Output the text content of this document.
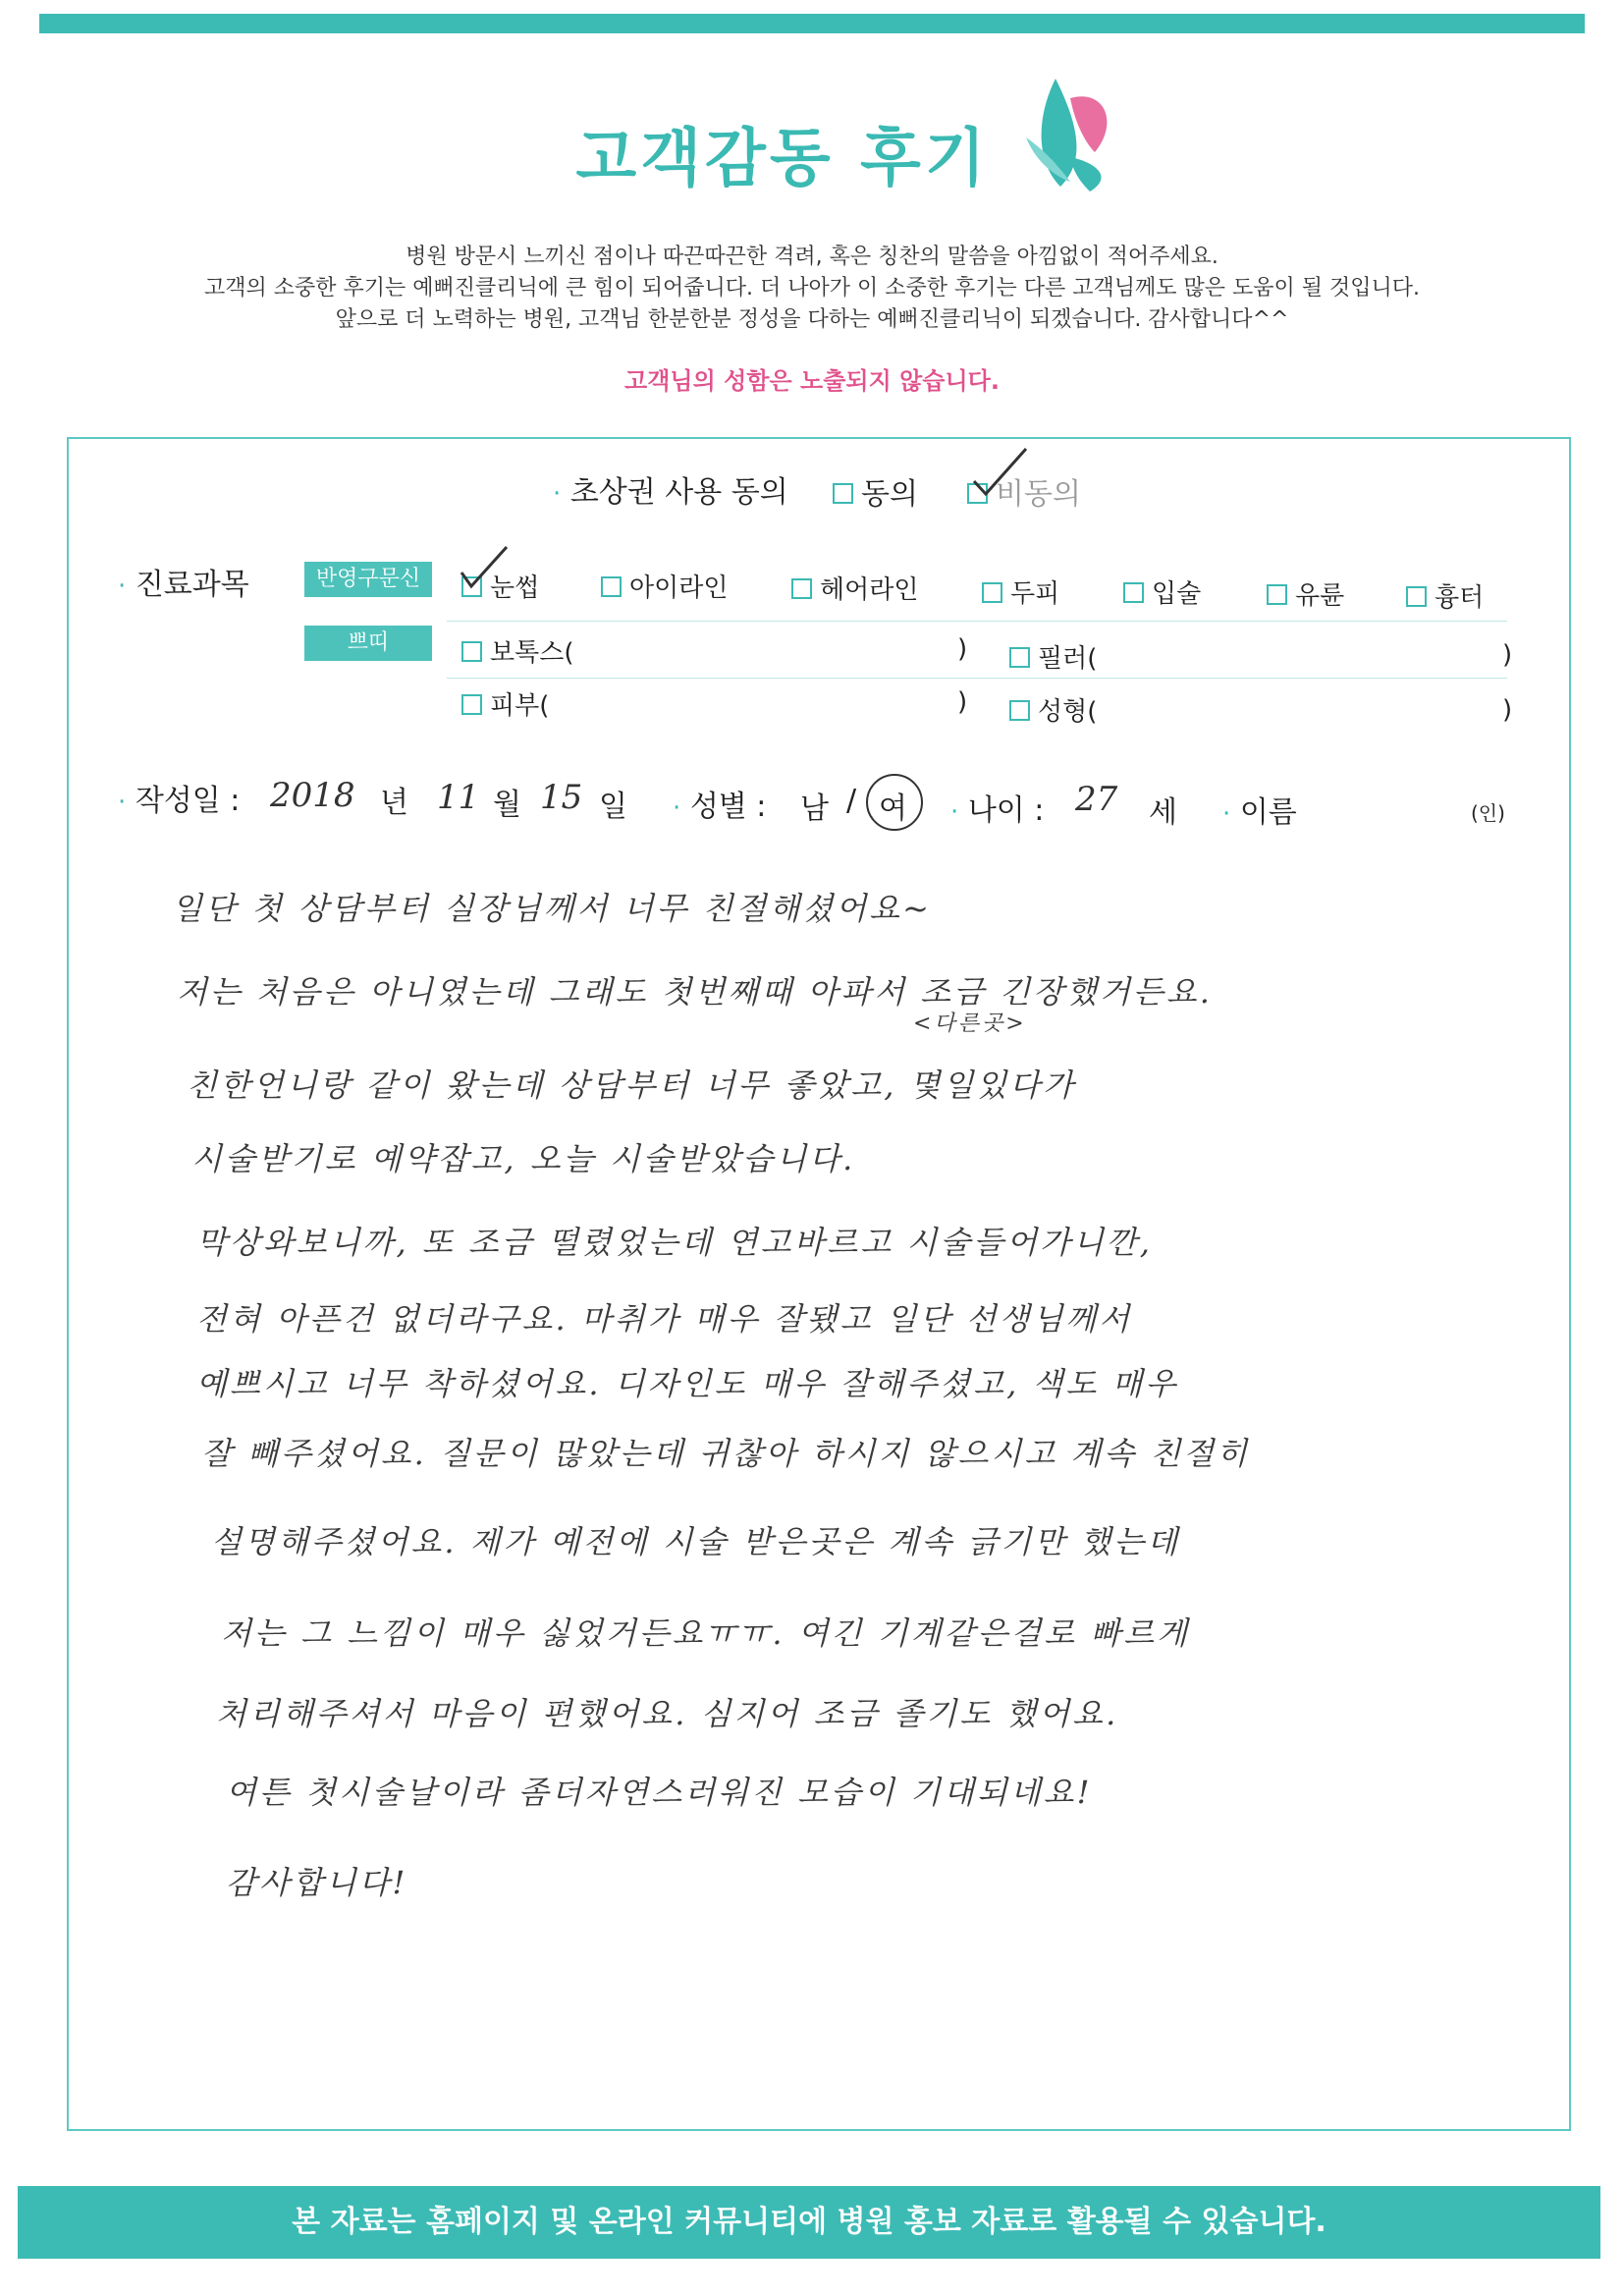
고객감동 후기
병원 방문시 느끼신 점이나 따끈따끈한 격려, 혹은 칭찬의 말씀을 아낌없이 적어주세요.
고객의 소중한 후기는 예뻐진클리닉에 큰 힘이 되어줍니다. 더 나아가 이 소중한 후기는 다른 고객님께도 많은 도움이 될 것입니다.
앞으로 더 노력하는 병원, 고객님 한분한분 정성을 다하는 예뻐진클리닉이 되겠습니다. 감사합니다^^
고객님의 성함은 노출되지 않습니다.
· 초상권 사용 동의	동의	비동의
· 진료과목	반영구문신	눈썹	아이라인	헤어라인	두피	입술	유륜	흉터
쁘띠	보톡스(	)	필러(	)
피부(	)	성형(	)
· 작성일 : 2018 년 11 월 15 일 · 성별 : 남 / 여 · 나이 : 27 세 · 이름	(인)
일단 첫 상담부터 실장님께서 너무 친절해셨어요~
저는 처음은 아니였는데 그래도 첫번째때 아파서 조금 긴장했거든요.
<다른곳>
친한언니랑 같이 왔는데 상담부터 너무 좋았고, 몇일있다가
시술받기로 예약잡고, 오늘 시술받았습니다.
막상와보니까, 또 조금 떨렸었는데 연고바르고 시술들어가니깐,
전혀 아픈건 없더라구요. 마취가 매우 잘됐고 일단 선생님께서
예쁘시고 너무 착하셨어요. 디자인도 매우 잘해주셨고, 색도 매우
잘 빼주셨어요. 질문이 많았는데 귀찮아 하시지 않으시고 계속 친절히
설명해주셨어요. 제가 예전에 시술 받은곳은 계속 긁기만 했는데
저는 그 느낌이 매우 싫었거든요ㅠㅠ. 여긴 기계같은걸로 빠르게
처리해주셔서 마음이 편했어요. 심지어 조금 졸기도 했어요.
여튼 첫시술날이라 좀더자연스러워진 모습이 기대되네요!
감사합니다!
본 자료는 홈페이지 및 온라인 커뮤니티에 병원 홍보 자료로 활용될 수 있습니다.
